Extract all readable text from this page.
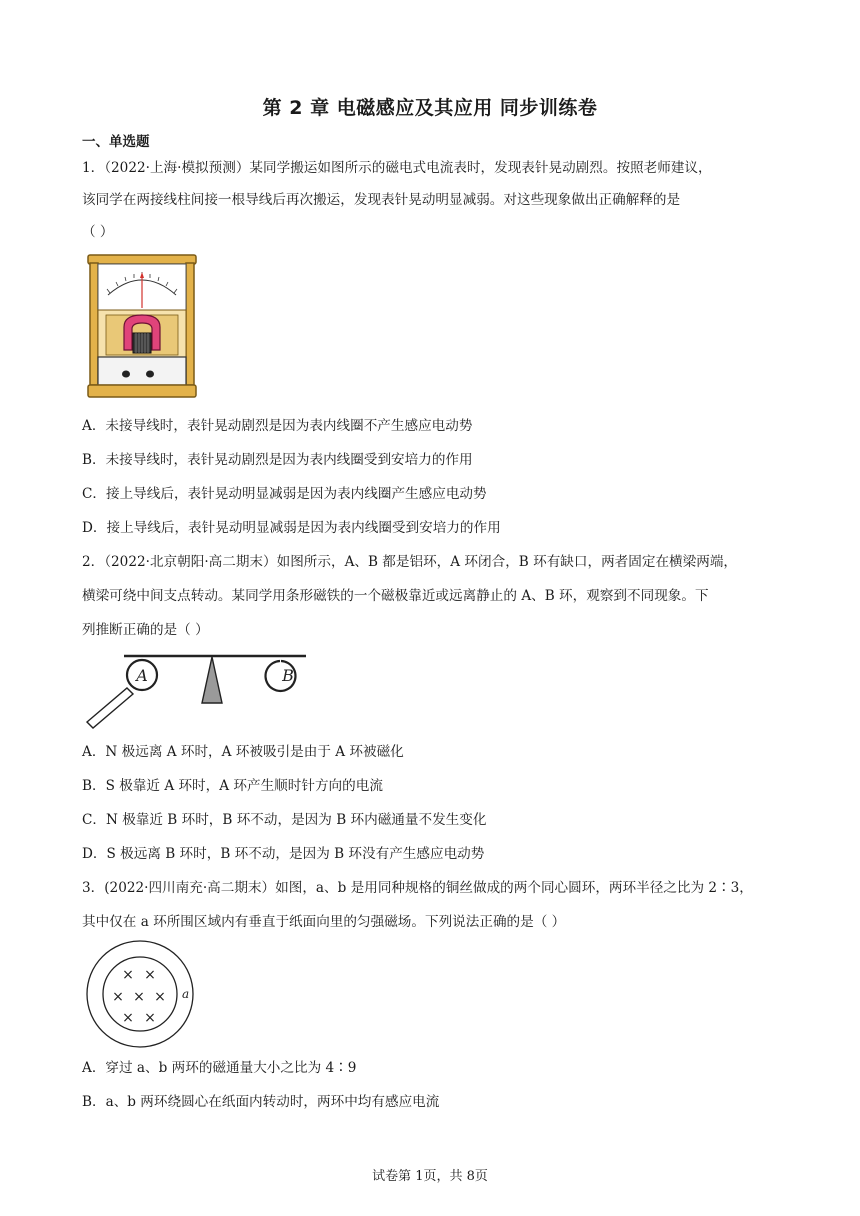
第 2 章 电磁感应及其应用 同步训练卷
一、单选题
1．（2022·上海·模拟预测）某同学搬运如图所示的磁电式电流表时，发现表针晃动剧烈。按照老师建议，
该同学在两接线柱间接一根导线后再次搬运，发现表针晃动明显减弱。对这些现象做出正确解释的是
（ ）
A．未接导线时，表针晃动剧烈是因为表内线圈不产生感应电动势
B．未接导线时，表针晃动剧烈是因为表内线圈受到安培力的作用
C．接上导线后，表针晃动明显减弱是因为表内线圈产生感应电动势
D．接上导线后，表针晃动明显减弱是因为表内线圈受到安培力的作用
2．（2022·北京朝阳·高二期末）如图所示，A、B 都是铝环，A 环闭合，B 环有缺口，两者固定在横梁两端，
横梁可绕中间支点转动。某同学用条形磁铁的一个磁极靠近或远离静止的 A、B 环，观察到不同现象。下
列推断正确的是（ ）
A	B
A．N 极远离 A 环时，A 环被吸引是由于 A 环被磁化
B．S 极靠近 A 环时，A 环产生顺时针方向的电流
C．N 极靠近 B 环时，B 环不动，是因为 B 环内磁通量不发生变化
D．S 极远离 B 环时，B 环不动，是因为 B 环没有产生感应电动势
3．(2022·四川南充·高二期末）如图，a、b 是用同种规格的铜丝做成的两个同心圆环，两环半径之比为 2∶3，
其中仅在 a 环所围区域内有垂直于纸面向里的匀强磁场。下列说法正确的是（ ）
× ×
× × ×
× ×
a
A．穿过 a、b 两环的磁通量大小之比为 4∶9
B．a、b 两环绕圆心在纸面内转动时，两环中均有感应电流
试卷第 1页，共 8页
